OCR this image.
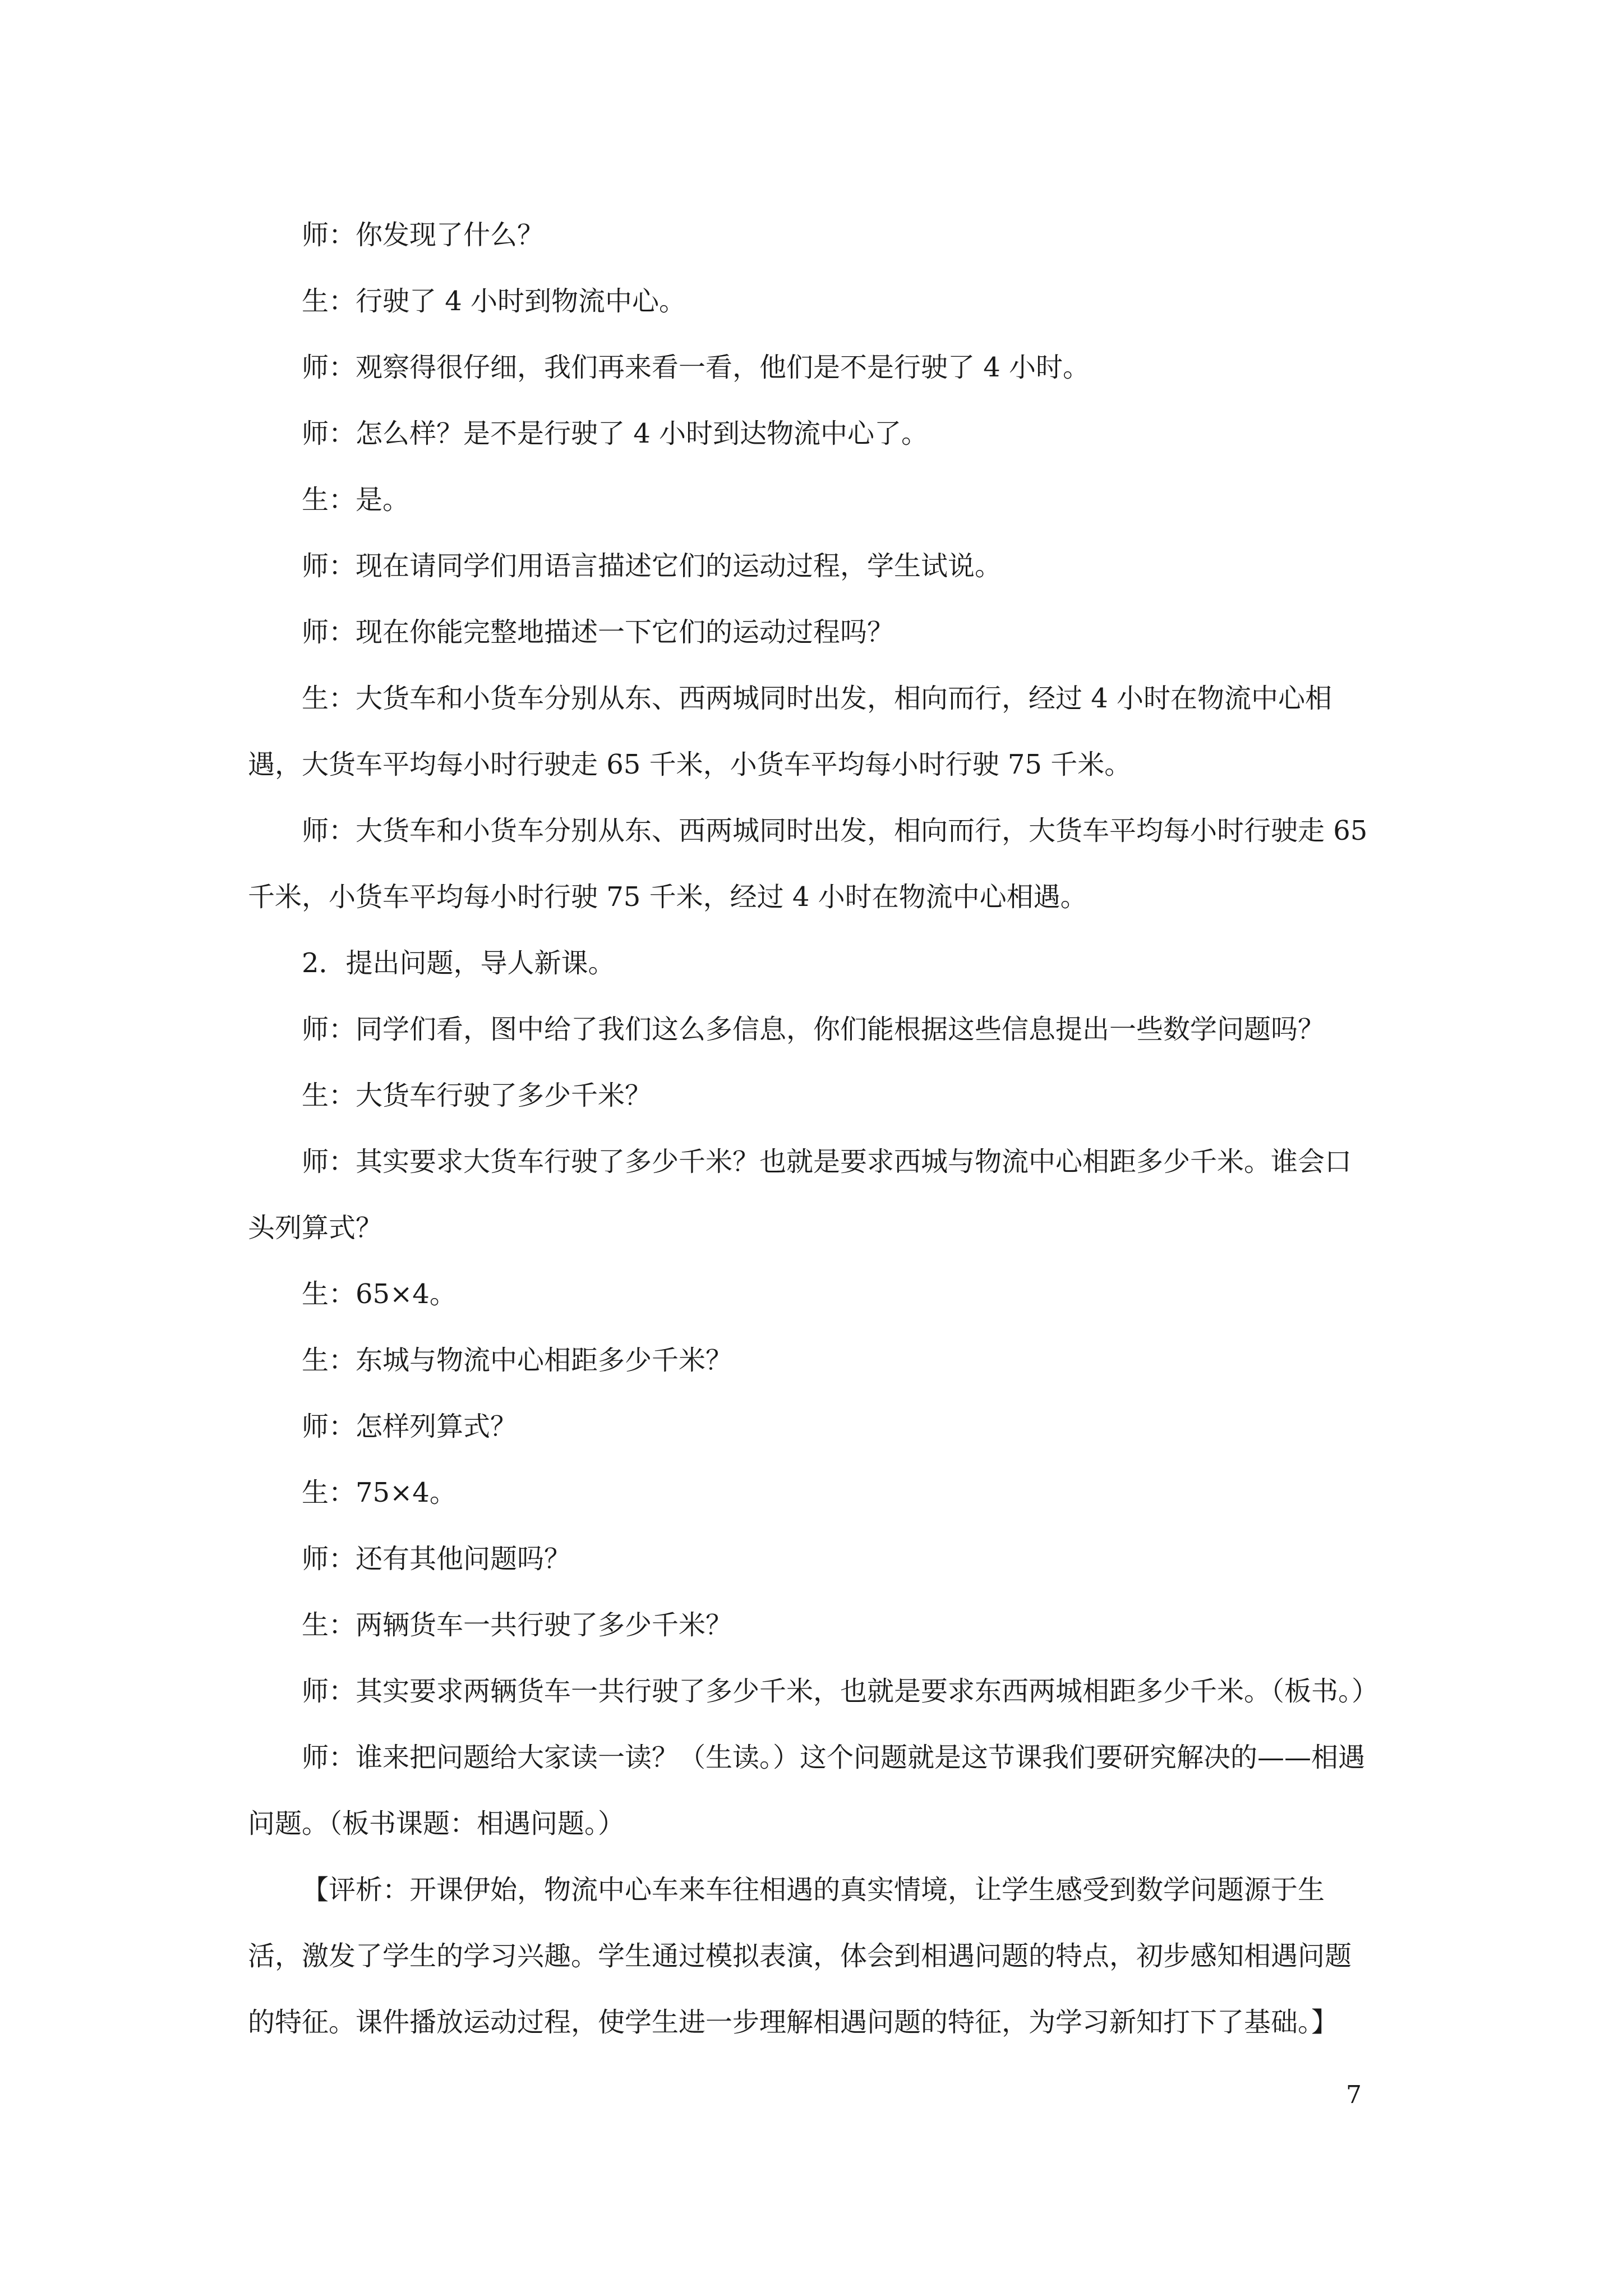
师：你发现了什么？

生：行驶了 4 小时到物流中心。

师：观察得很仔细，我们再来看一看，他们是不是行驶了 4 小时。

师：怎么样？是不是行驶了 4 小时到达物流中心了。

生：是。

师：现在请同学们用语言描述它们的运动过程，学生试说。

师：现在你能完整地描述一下它们的运动过程吗？

生：大货车和小货车分别从东、西两城同时出发，相向而行，经过 4 小时在物流中心相遇，大货车平均每小时行驶走 65 千米，小货车平均每小时行驶 75 千米。

师：大货车和小货车分别从东、西两城同时出发，相向而行，大货车平均每小时行驶走 65 千米，小货车平均每小时行驶 75 千米，经过 4 小时在物流中心相遇。

2．提出问题，导人新课。

师：同学们看，图中给了我们这么多信息，你们能根据这些信息提出一些数学问题吗？

生：大货车行驶了多少千米？

师：其实要求大货车行驶了多少千米？也就是要求西城与物流中心相距多少千米。谁会口头列算式？

生：65×4。

生：东城与物流中心相距多少千米？

师：怎样列算式？

生：75×4。

师：还有其他问题吗？

生：两辆货车一共行驶了多少千米？

师：其实要求两辆货车一共行驶了多少千米，也就是要求东西两城相距多少千米。（板书。）

师：谁来把问题给大家读一读？（生读。）这个问题就是这节课我们要研究解决的——相遇问题。（板书课题：相遇问题。）

【评析：开课伊始，物流中心车来车往相遇的真实情境，让学生感受到数学问题源于生活，激发了学生的学习兴趣。学生通过模拟表演，体会到相遇问题的特点，初步感知相遇问题的特征。课件播放运动过程，使学生进一步理解相遇问题的特征，为学习新知打下了基础。】

7
